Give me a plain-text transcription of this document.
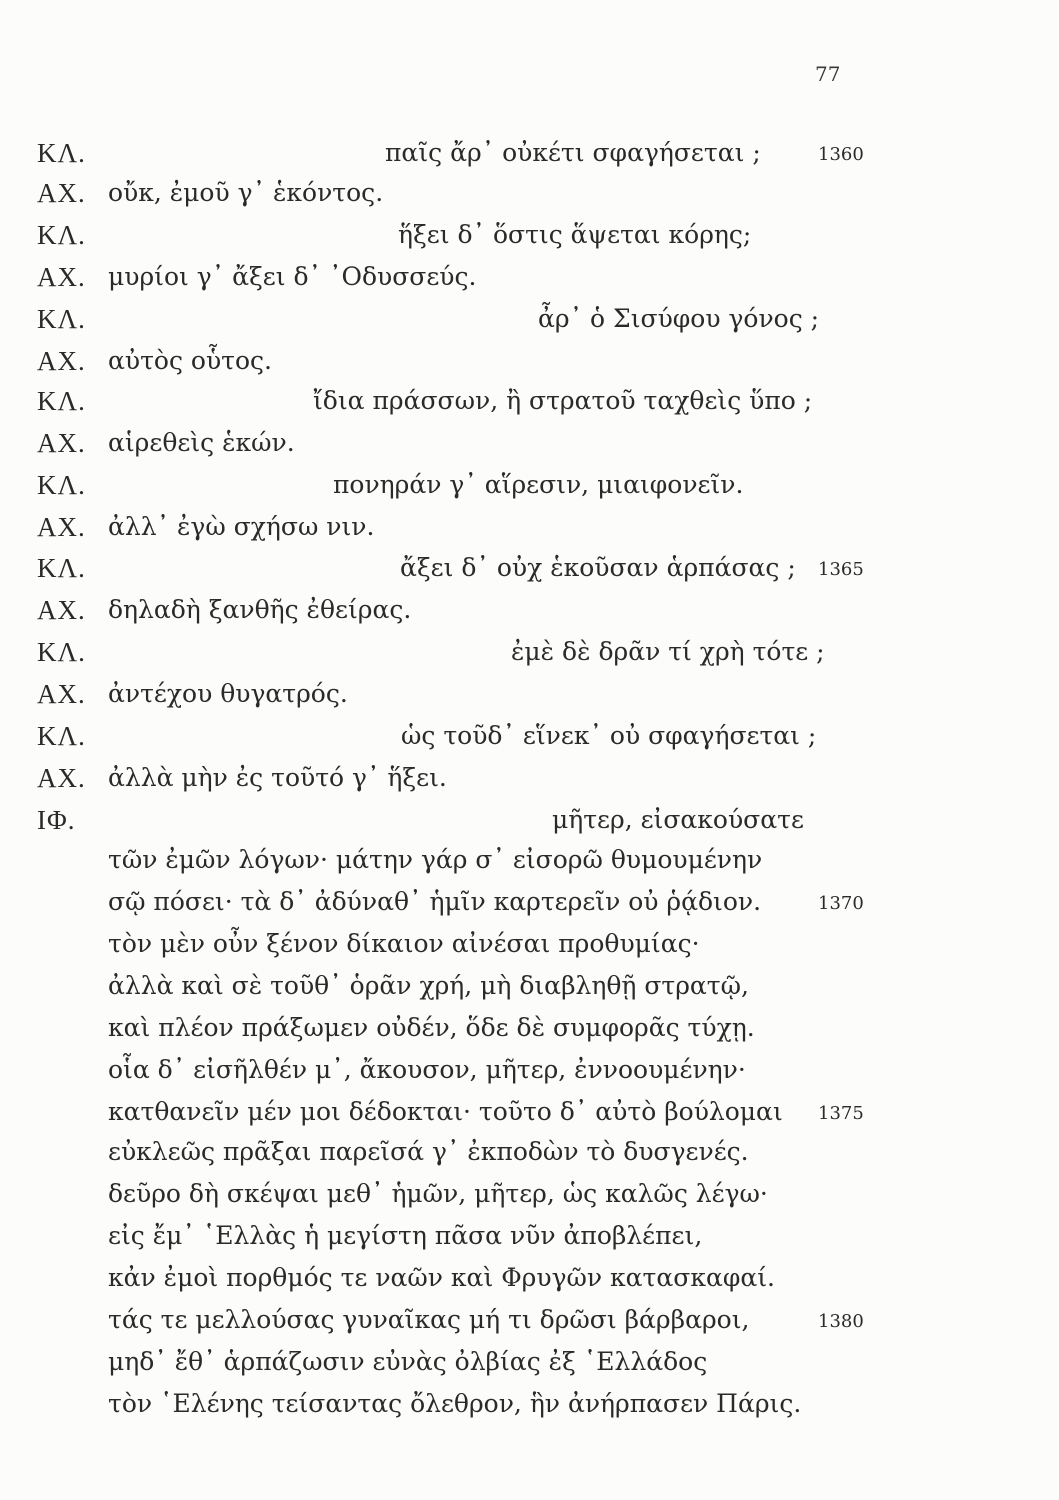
77
ΚΛ.	παῖς ἄρ᾿ οὐκέτι σφαγήσεται ;	1360
ΑΧ. οὔκ, ἐμοῦ γ᾿ ἑκόντος.
ΚΛ.	ἥξει δ᾿ ὅστις ἅψεται κόρης;
ΑΧ. μυρίοι γ᾿ ἄξει δ᾿ ᾿Οδυσσεύς.
ΚΛ.	ἆρ᾿ ὁ Σισύφου γόνος ;
ΑΧ. αὐτὸς οὗτος.
ΚΛ.	ἴδια πράσσων, ἢ στρατοῦ ταχθεὶς ὕπο ;
ΑΧ. αἱρεθεὶς ἑκών.
ΚΛ.	πονηράν γ᾿ αἵρεσιν, μιαιφονεῖν.
ΑΧ. ἀλλ᾿ ἐγὼ σχήσω νιν.
ΚΛ.	ἄξει δ᾿ οὐχ ἑκοῦσαν ἁρπάσας ; 1365
ΑΧ. δηλαδὴ ξανθῆς ἐθείρας.
ΚΛ.	ἐμὲ δὲ δρᾶν τί χρὴ τότε ;
ΑΧ. ἀντέχου θυγατρός.
ΚΛ.	ὡς τοῦδ᾿ εἵνεκ᾿ οὐ σφαγήσεται ;
ΑΧ. ἀλλὰ μὴν ἐς τοῦτό γ᾿ ἥξει.
ΙΦ.	μῆτερ, εἰσακούσατε
τῶν ἐμῶν λόγων· μάτην γάρ σ᾿ εἰσορῶ θυμουμένην
σῷ πόσει· τὰ δ᾿ ἀδύναθ᾿ ἡμῖν καρτερεῖν οὐ ῥᾴδιον.	1370
τὸν μὲν οὖν ξένον δίκαιον αἰνέσαι προθυμίας·
ἀλλὰ καὶ σὲ τοῦθ᾿ ὁρᾶν χρή, μὴ διαβληθῇ στρατῷ,
καὶ πλέον πράξωμεν οὐδέν, ὅδε δὲ συμφορᾶς τύχῃ.
οἷα δ᾿ εἰσῆλθέν μ᾿, ἄκουσον, μῆτερ, ἐννοουμένην·
κατθανεῖν μέν μοι δέδοκται· τοῦτο δ᾿ αὐτὸ βούλομαι 1375
εὐκλεῶς πρᾶξαι παρεῖσά γ᾿ ἐκποδὼν τὸ δυσγενές.
δεῦρο δὴ σκέψαι μεθ᾿ ἡμῶν, μῆτερ, ὡς καλῶς λέγω·
εἰς ἔμ᾿ ῾Ελλὰς ἡ μεγίστη πᾶσα νῦν ἀποβλέπει,
κἀν ἐμοὶ πορθμός τε ναῶν καὶ Φρυγῶν κατασκαφαί.
τάς τε μελλούσας γυναῖκας μή τι δρῶσι βάρβαροι,	1380
μηδ᾿ ἔθ᾿ ἁρπάζωσιν εὐνὰς ὀλβίας ἐξ ῾Ελλάδος
τὸν ῾Ελένης τείσαντας ὄλεθρον, ἣν ἀνήρπασεν Πάρις.
